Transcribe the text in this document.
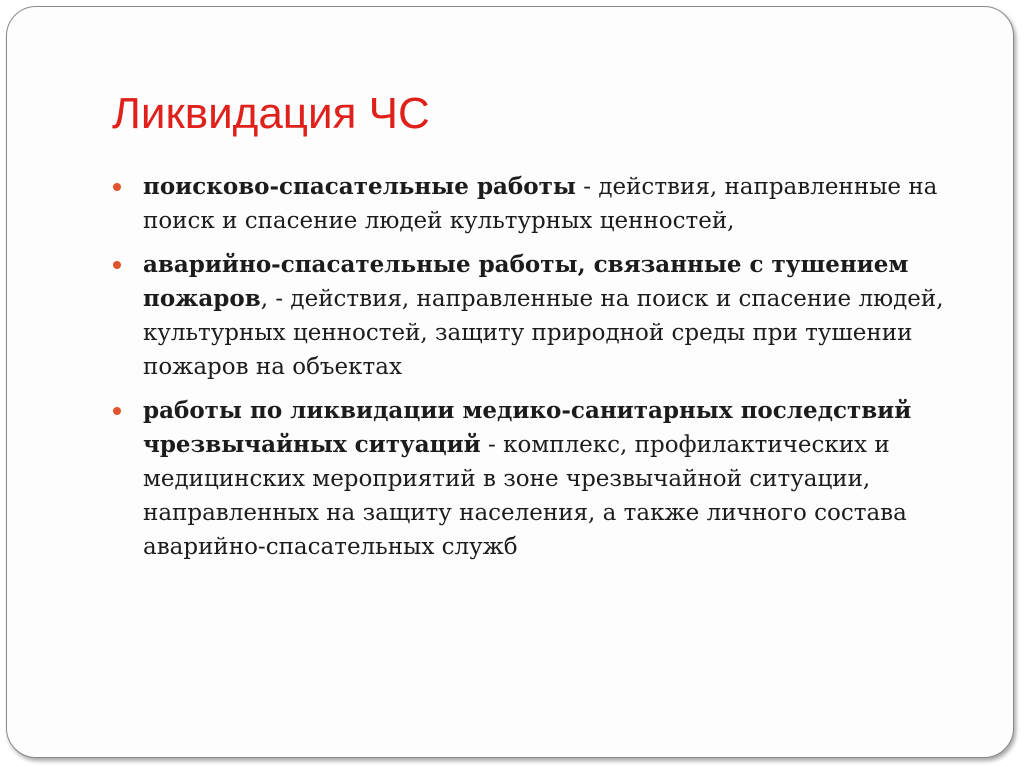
Ликвидация ЧС
поисково-спасательные работы - действия, направленные на поиск и спасение людей культурных ценностей,
аварийно-спасательные работы, связанные с тушением пожаров, - действия, направленные на поиск и спасение людей, культурных ценностей, защиту природной среды при тушении пожаров на объектах
работы по ликвидации медико-санитарных последствий чрезвычайных ситуаций - комплекс, профилактических и медицинских мероприятий в зоне чрезвычайной ситуации, направленных на защиту населения, а также личного состава аварийно-спасательных служб
